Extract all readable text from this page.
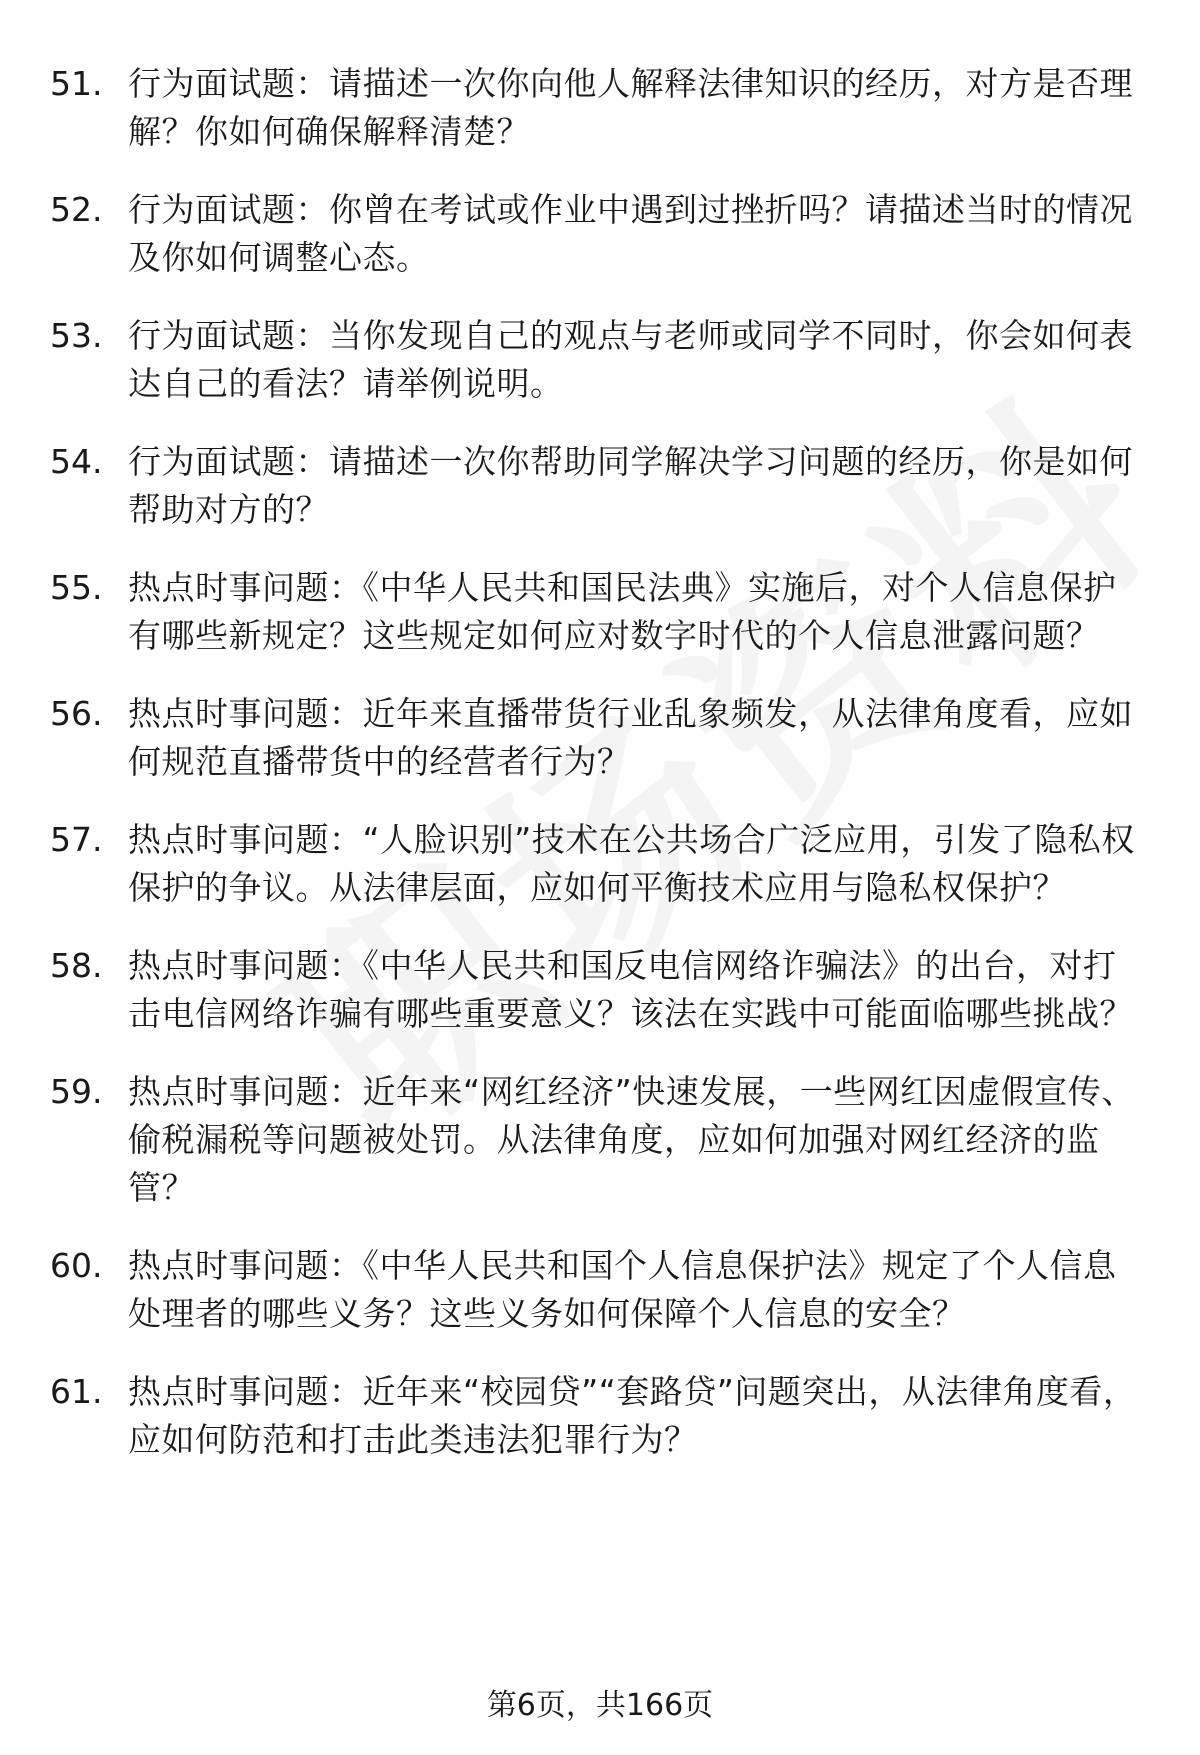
51. 行为面试题：请描述一次你向他人解释法律知识的经历，对方是否理解？你如何确保解释清楚？
52. 行为面试题：你曾在考试或作业中遇到过挫折吗？请描述当时的情况及你如何调整心态。
53. 行为面试题：当你发现自己的观点与老师或同学不同时，你会如何表达自己的看法？请举例说明。
54. 行为面试题：请描述一次你帮助同学解决学习问题的经历，你是如何帮助对方的？
55. 热点时事问题：《中华人民共和国民法典》实施后，对个人信息保护有哪些新规定？这些规定如何应对数字时代的个人信息泄露问题？
56. 热点时事问题：近年来直播带货行业乱象频发，从法律角度看，应如何规范直播带货中的经营者行为？
57. 热点时事问题：“人脸识别”技术在公共场合广泛应用，引发了隐私权保护的争议。从法律层面，应如何平衡技术应用与隐私权保护？
58. 热点时事问题：《中华人民共和国反电信网络诈骗法》的出台，对打击电信网络诈骗有哪些重要意义？该法在实践中可能面临哪些挑战？
59. 热点时事问题：近年来“网红经济”快速发展，一些网红因虚假宣传、偷税漏税等问题被处罚。从法律角度，应如何加强对网红经济的监管？
60. 热点时事问题：《中华人民共和国个人信息保护法》规定了个人信息处理者的哪些义务？这些义务如何保障个人信息的安全？
61. 热点时事问题：近年来“校园贷”“套路贷”问题突出，从法律角度看，应如何防范和打击此类违法犯罪行为？
第6页，共166页
